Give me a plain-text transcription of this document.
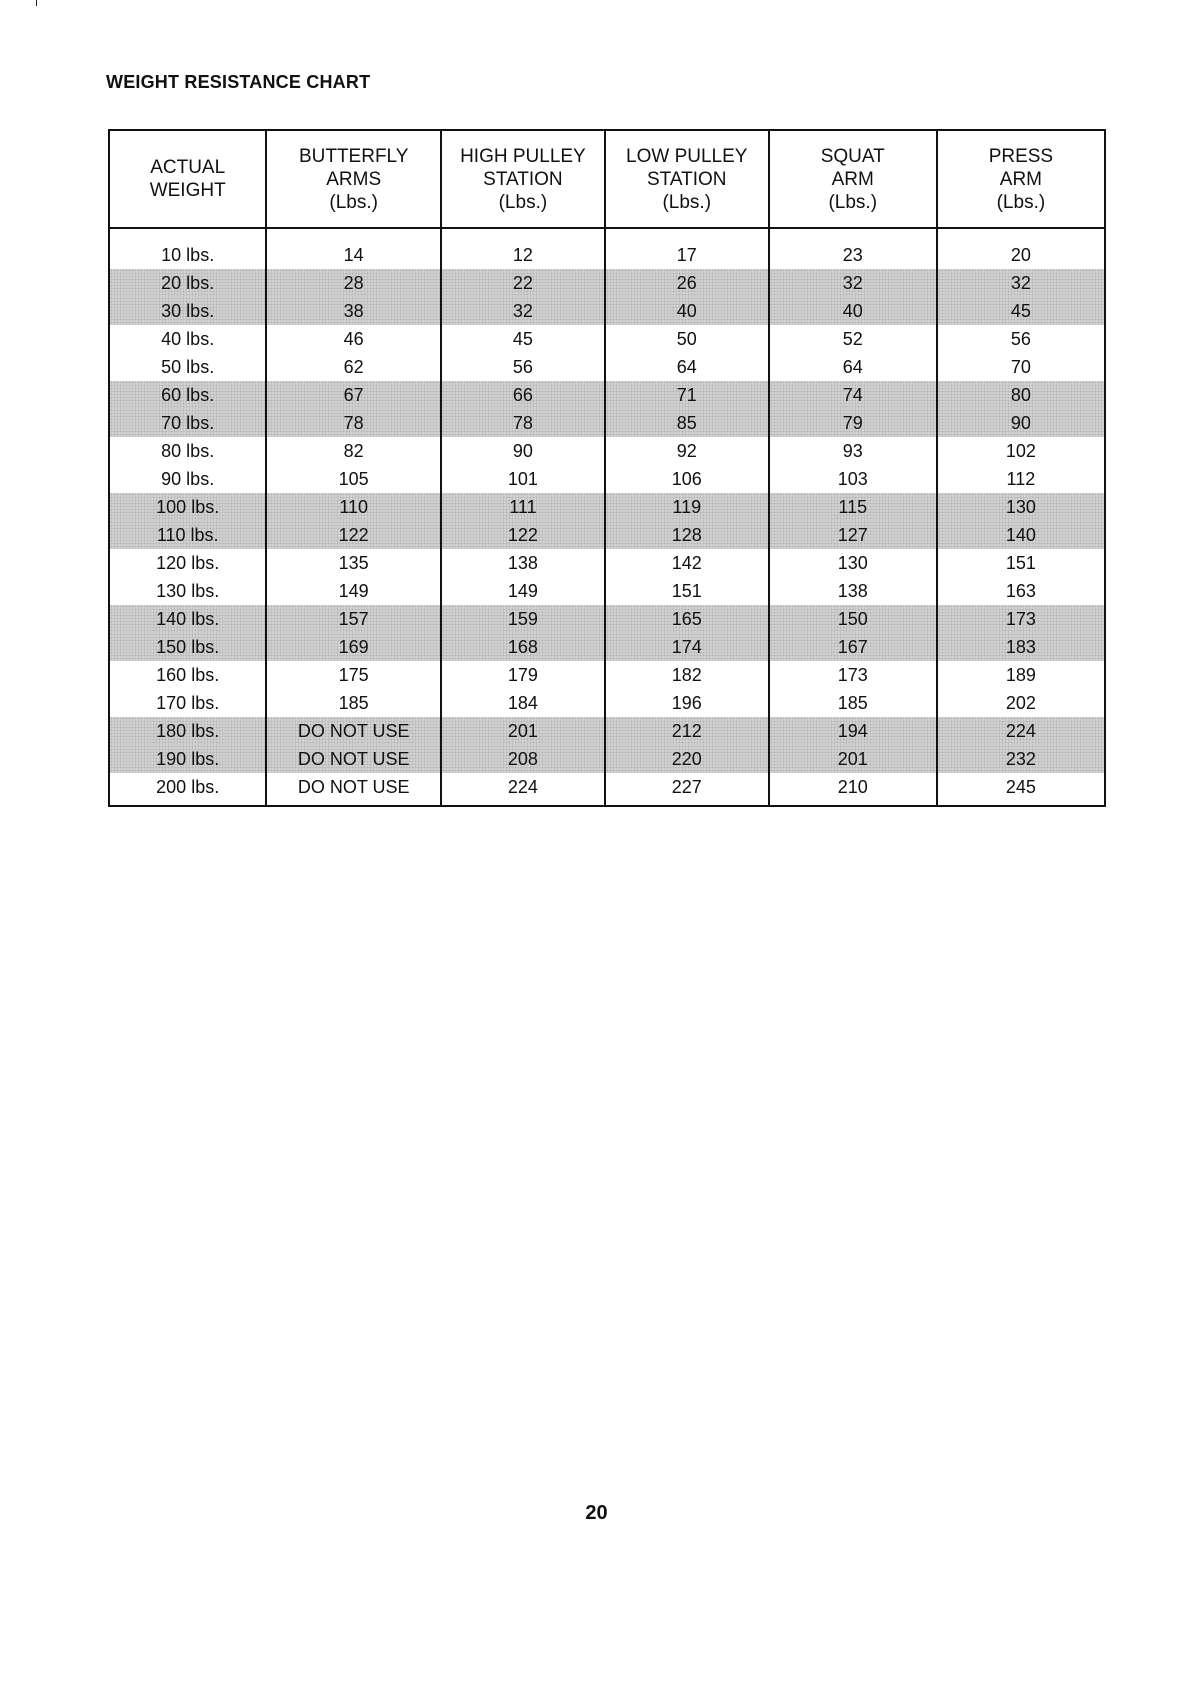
WEIGHT RESISTANCE CHART
ACTUAL
WEIGHT	BUTTERFLY
ARMS
(Lbs.)	HIGH PULLEY
STATION
(Lbs.)	LOW PULLEY
STATION
(Lbs.)	SQUAT
ARM
(Lbs.)	PRESS
ARM
(Lbs.)

10 lbs.	14	12	17	23	20
20 lbs.	28	22	26	32	32
30 lbs.	38	32	40	40	45
40 lbs.	46	45	50	52	56
50 lbs.	62	56	64	64	70
60 lbs.	67	66	71	74	80
70 lbs.	78	78	85	79	90
80 lbs.	82	90	92	93	102
90 lbs.	105	101	106	103	112
100 lbs.	110	111	119	115	130
110 lbs.	122	122	128	127	140
120 lbs.	135	138	142	130	151
130 lbs.	149	149	151	138	163
140 lbs.	157	159	165	150	173
150 lbs.	169	168	174	167	183
160 lbs.	175	179	182	173	189
170 lbs.	185	184	196	185	202
180 lbs.	DO NOT USE	201	212	194	224
190 lbs.	DO NOT USE	208	220	201	232
200 lbs.	DO NOT USE	224	227	210	245
20
